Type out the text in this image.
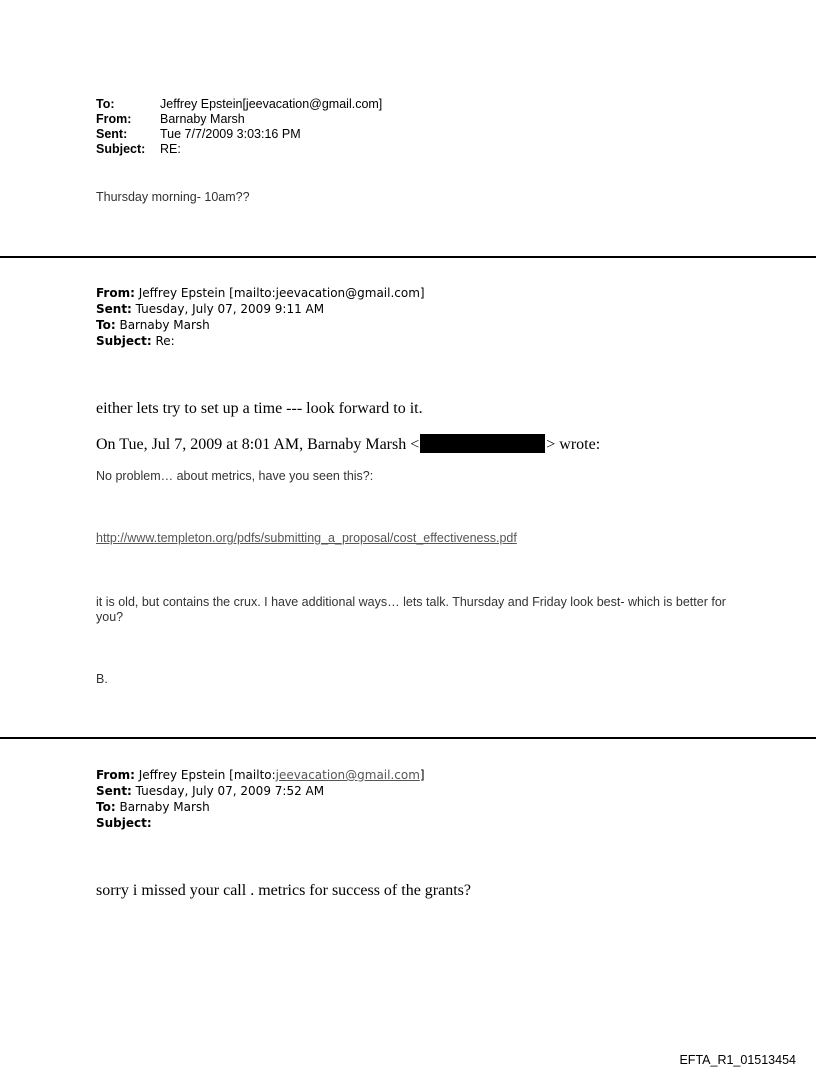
To:	Jeffrey Epstein[jeevacation@gmail.com]
From:	Barnaby Marsh
Sent:	Tue 7/7/2009 3:03:16 PM
Subject:	RE:
Thursday morning- 10am??
From: Jeffrey Epstein [mailto:jeevacation@gmail.com]
Sent: Tuesday, July 07, 2009 9:11 AM
To: Barnaby Marsh
Subject: Re:
either lets try to set up a time --- look forward to it.
On Tue, Jul 7, 2009 at 8:01 AM, Barnaby Marsh <	> wrote:
No problem… about metrics, have you seen this?:
http://www.templeton.org/pdfs/submitting_a_proposal/cost_effectiveness.pdf
it is old, but contains the crux. I have additional ways… lets talk. Thursday and Friday look best- which is better for you?
B.
From: Jeffrey Epstein [mailto:jeevacation@gmail.com]
Sent: Tuesday, July 07, 2009 7:52 AM
To: Barnaby Marsh
Subject:
sorry i missed your call . metrics for success of the grants?
EFTA_R1_01513454
